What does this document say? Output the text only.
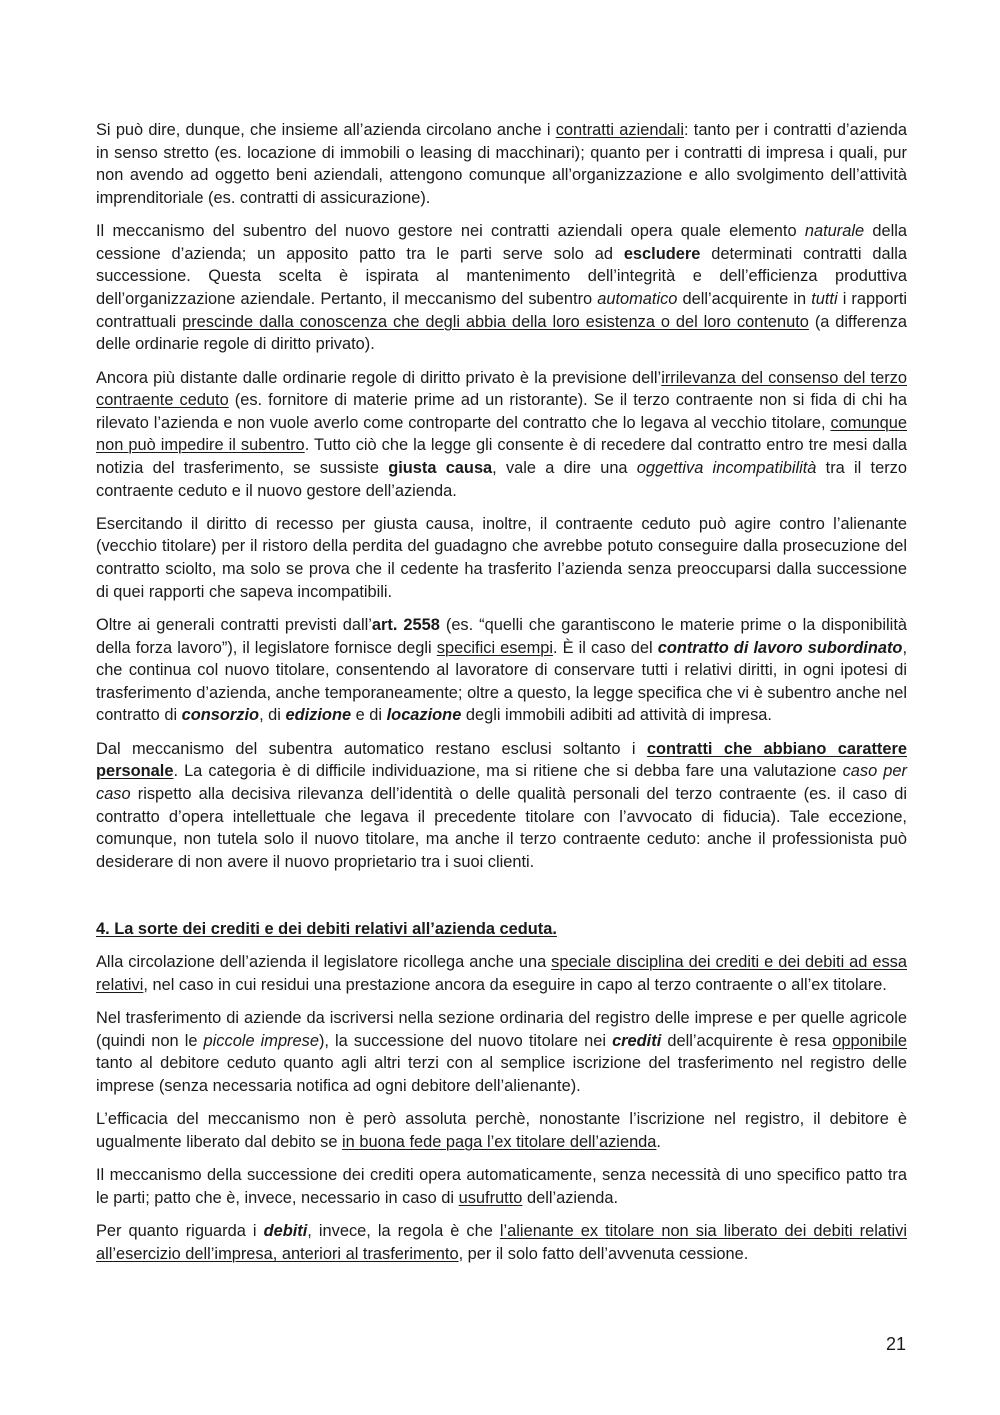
Si può dire, dunque, che insieme all’azienda circolano anche i contratti aziendali: tanto per i contratti d’azienda in senso stretto (es. locazione di immobili o leasing di macchinari); quanto per i contratti di impresa i quali, pur non avendo ad oggetto beni aziendali, attengono comunque all’organizzazione e allo svolgimento dell’attività imprenditoriale (es. contratti di assicurazione).

Il meccanismo del subentro del nuovo gestore nei contratti aziendali opera quale elemento naturale della cessione d’azienda; un apposito patto tra le parti serve solo ad escludere determinati contratti dalla successione. Questa scelta è ispirata al mantenimento dell’integrità e dell’efficienza produttiva dell’organizzazione aziendale. Pertanto, il meccanismo del subentro automatico dell’acquirente in tutti i rapporti contrattuali prescinde dalla conoscenza che degli abbia della loro esistenza o del loro contenuto (a differenza delle ordinarie regole di diritto privato).

Ancora più distante dalle ordinarie regole di diritto privato è la previsione dell’irrilevanza del consenso del terzo contraente ceduto (es. fornitore di materie prime ad un ristorante). Se il terzo contraente non si fida di chi ha rilevato l’azienda e non vuole averlo come controparte del contratto che lo legava al vecchio titolare, comunque non può impedire il subentro. Tutto ciò che la legge gli consente è di recedere dal contratto entro tre mesi dalla notizia del trasferimento, se sussiste giusta causa, vale a dire una oggettiva incompatibilità tra il terzo contraente ceduto e il nuovo gestore dell’azienda.

Esercitando il diritto di recesso per giusta causa, inoltre, il contraente ceduto può agire contro l’alienante (vecchio titolare) per il ristoro della perdita del guadagno che avrebbe potuto conseguire dalla prosecuzione del contratto sciolto, ma solo se prova che il cedente ha trasferito l’azienda senza preoccuparsi dalla successione di quei rapporti che sapeva incompatibili.

Oltre ai generali contratti previsti dall’art. 2558 (es. “quelli che garantiscono le materie prime o la disponibilità della forza lavoro”), il legislatore fornisce degli specifici esempi. È il caso del contratto di lavoro subordinato, che continua col nuovo titolare, consentendo al lavoratore di conservare tutti i relativi diritti, in ogni ipotesi di trasferimento d’azienda, anche temporaneamente; oltre a questo, la legge specifica che vi è subentro anche nel contratto di consorzio, di edizione e di locazione degli immobili adibiti ad attività di impresa.

Dal meccanismo del subentra automatico restano esclusi soltanto i contratti che abbiano carattere personale. La categoria è di difficile individuazione, ma si ritiene che si debba fare una valutazione caso per caso rispetto alla decisiva rilevanza dell’identità o delle qualità personali del terzo contraente (es. il caso di contratto d’opera intellettuale che legava il precedente titolare con l’avvocato di fiducia). Tale eccezione, comunque, non tutela solo il nuovo titolare, ma anche il terzo contraente ceduto: anche il professionista può desiderare di non avere il nuovo proprietario tra i suoi clienti.

4. La sorte dei crediti e dei debiti relativi all’azienda ceduta.

Alla circolazione dell’azienda il legislatore ricollega anche una speciale disciplina dei crediti e dei debiti ad essa relativi, nel caso in cui residui una prestazione ancora da eseguire in capo al terzo contraente o all’ex titolare.

Nel trasferimento di aziende da iscriversi nella sezione ordinaria del registro delle imprese e per quelle agricole (quindi non le piccole imprese), la successione del nuovo titolare nei crediti dell’acquirente è resa opponibile tanto al debitore ceduto quanto agli altri terzi con al semplice iscrizione del trasferimento nel registro delle imprese (senza necessaria notifica ad ogni debitore dell’alienante).

L’efficacia del meccanismo non è però assoluta perchè, nonostante l’iscrizione nel registro, il debitore è ugualmente liberato dal debito se in buona fede paga l’ex titolare dell’azienda.

Il meccanismo della successione dei crediti opera automaticamente, senza necessità di uno specifico patto tra le parti; patto che è, invece, necessario in caso di usufrutto dell’azienda.

Per quanto riguarda i debiti, invece, la regola è che l’alienante ex titolare non sia liberato dei debiti relativi all’esercizio dell’impresa, anteriori al trasferimento, per il solo fatto dell’avvenuta cessione.

21
